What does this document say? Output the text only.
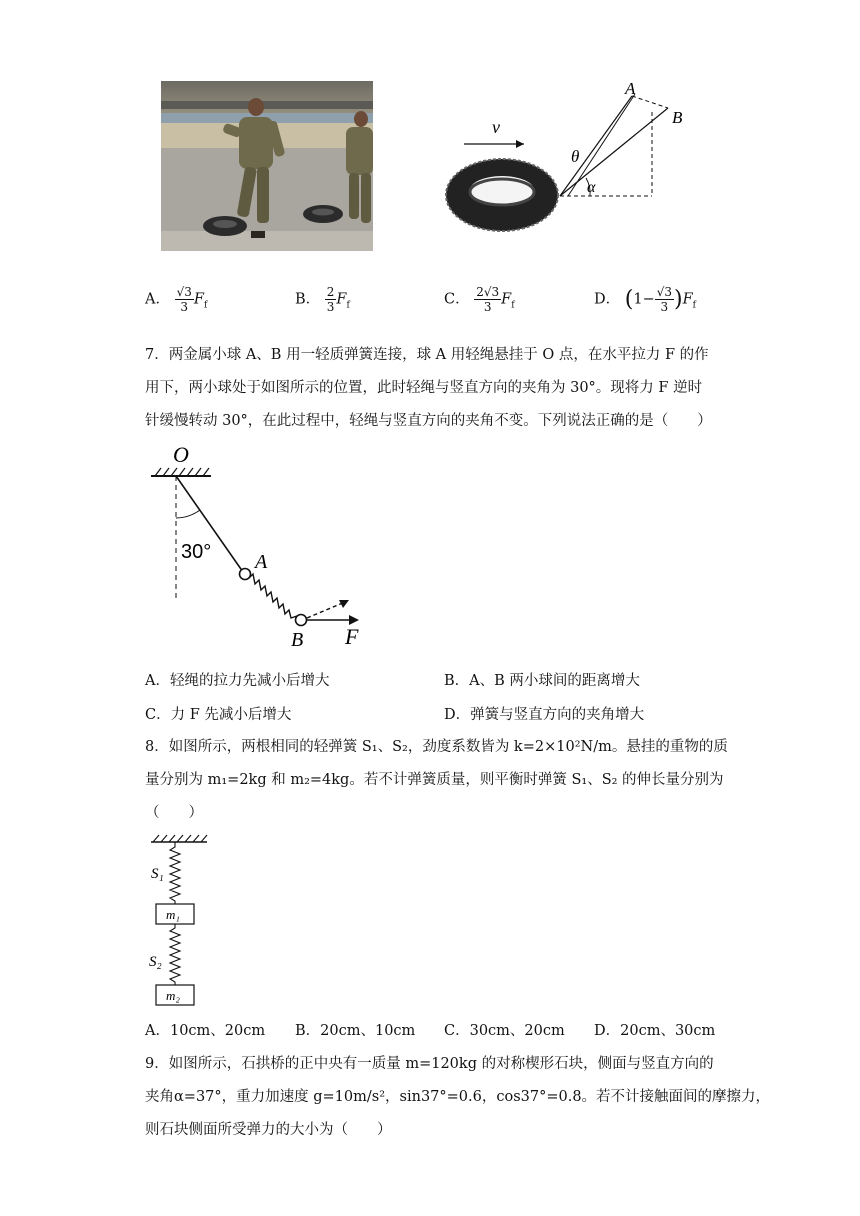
v
A
B
θ
α
A． $\frac{√3}{3} F_f$	B． $\frac{2}{3} F_f$	C． $\frac{2√3}{3} F_f$	D． $(1- \frac{√3}{3} )F_f$
7．两金属小球 A、B 用一轻质弹簧连接，球 A 用轻绳悬挂于 O 点，在水平拉力 F 的作
用下，两小球处于如图所示的位置，此时轻绳与竖直方向的夹角为 30°。现将力 F 逆时
针缓慢转动 30°，在此过程中，轻绳与竖直方向的夹角不变。下列说法正确的是（　　）
O
30° A
B F
A．轻绳的拉力先减小后增大	B．A、B 两小球间的距离增大
C．力 F 先减小后增大	D．弹簧与竖直方向的夹角增大
8．如图所示，两根相同的轻弹簧 S₁、S₂，劲度系数皆为 k=2×10²N/m。悬挂的重物的质
量分别为 m₁=2kg 和 m₂=4kg。若不计弹簧质量，则平衡时弹簧 S₁、S₂ 的伸长量分别为
（　　）
S₁
m₁
S₂
m₂
A．10cm、20cm B．20cm、10cm C．30cm、20cm D．20cm、30cm
9．如图所示，石拱桥的正中央有一质量 m=120kg 的对称楔形石块，侧面与竖直方向的
夹角α=37°，重力加速度 g=10m/s²，sin37°=0.6，cos37°=0.8。若不计接触面间的摩擦力，
则石块侧面所受弹力的大小为（　　）
